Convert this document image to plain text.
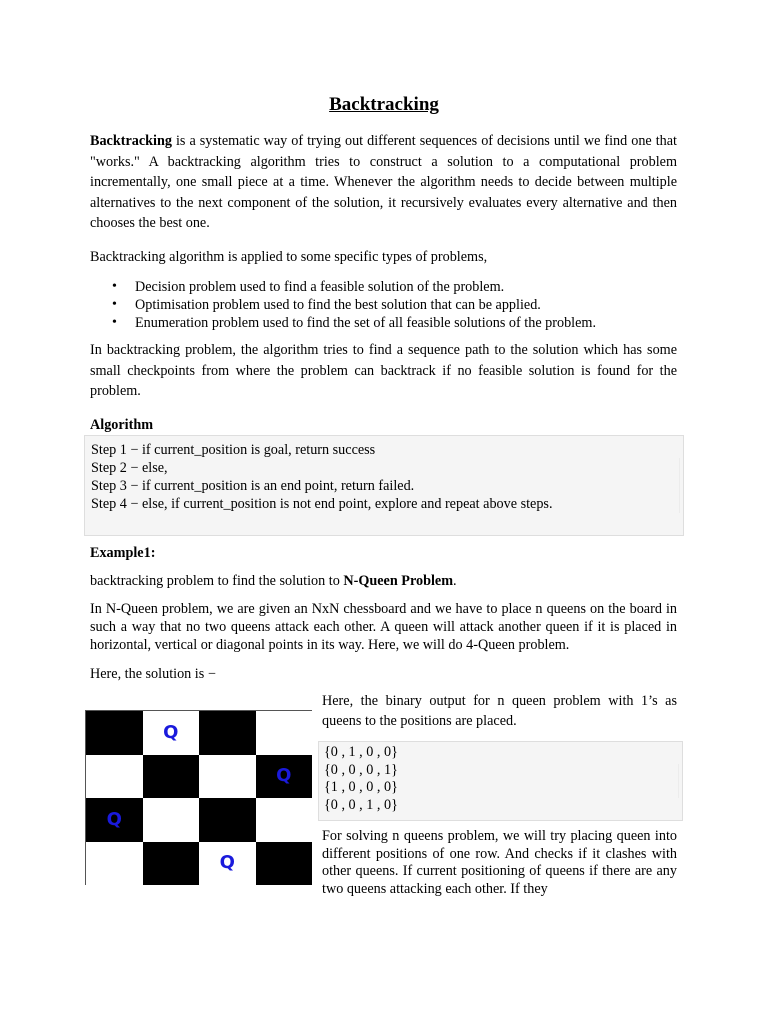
Backtracking

Backtracking is a systematic way of trying out different sequences of decisions until we find one that "works." A backtracking algorithm tries to construct a solution to a computational problem incrementally, one small piece at a time. Whenever the algorithm needs to decide between multiple alternatives to the next component of the solution, it recursively evaluates every alternative and then chooses the best one.

Backtracking algorithm is applied to some specific types of problems,

• Decision problem used to find a feasible solution of the problem.
• Optimisation problem used to find the best solution that can be applied.
• Enumeration problem used to find the set of all feasible solutions of the problem.

In backtracking problem, the algorithm tries to find a sequence path to the solution which has some small checkpoints from where the problem can backtrack if no feasible solution is found for the problem.

Algorithm
Step 1 − if current_position is goal, return success
Step 2 − else,
Step 3 − if current_position is an end point, return failed.
Step 4 − else, if current_position is not end point, explore and repeat above steps.
Example1:

backtracking problem to find the solution to N-Queen Problem.

In N-Queen problem, we are given an NxN chessboard and we have to place n queens on the board in such a way that no two queens attack each other. A queen will attack another queen if it is placed in horizontal, vertical or diagonal points in its way. Here, we will do 4-Queen problem.

Here, the solution is −

Q
Q
Q
Q

Here, the binary output for n queen problem with 1’s as queens to the positions are placed.

{0 , 1 , 0 , 0}
{0 , 0 , 0 , 1}
{1 , 0 , 0 , 0}
{0 , 0 , 1 , 0}

For solving n queens problem, we will try placing queen into different positions of one row. And checks if it clashes with other queens. If current positioning of queens if there are any two queens attacking each other. If they
